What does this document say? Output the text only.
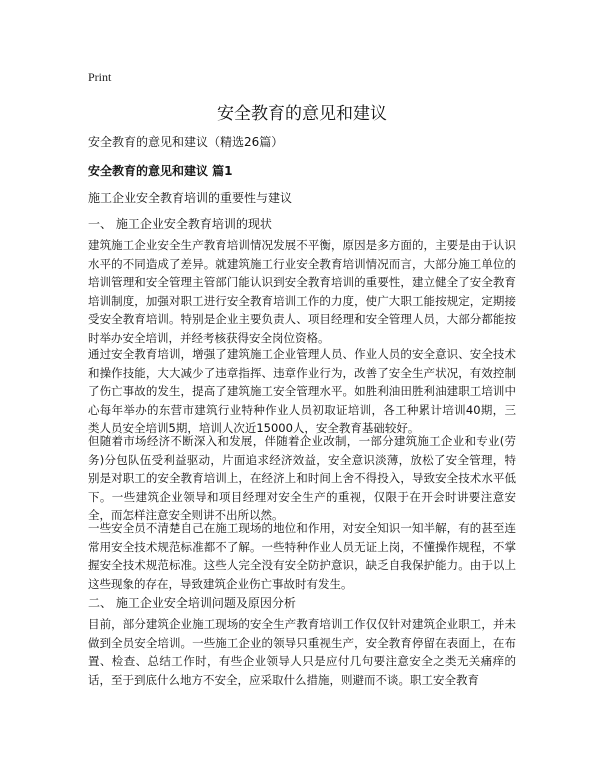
Print
安全教育的意见和建议
安全教育的意见和建议（精选26篇）
安全教育的意见和建议 篇1
施工企业安全教育培训的重要性与建议
一、 施工企业安全教育培训的现状

建筑施工企业安全生产教育培训情况发展不平衡，原因是多方面的，主要是由于认识水平的不同造成了差异。就建筑施工行业安全教育培训情况而言，大部分施工单位的培训管理和安全管理主管部门能认识到安全教育培训的重要性，建立健全了安全教育培训制度，加强对职工进行安全教育培训工作的力度，使广大职工能按规定，定期接受安全教育培训。特别是企业主要负责人、项目经理和安全管理人员，大部分都能按时举办安全培训，并经考核获得安全岗位资格。

通过安全教育培训，增强了建筑施工企业管理人员、作业人员的安全意识、安全技术和操作技能，大大减少了违章指挥、违章作业行为，改善了安全生产状况，有效控制了伤亡事故的发生，提高了建筑施工安全管理水平。如胜利油田胜利油建职工培训中心每年举办的东营市建筑行业特种作业人员初取证培训，各工种累计培训40期，三类人员安全培训5期，培训人次近15000人，安全教育基础较好。

但随着市场经济不断深入和发展，伴随着企业改制，一部分建筑施工企业和专业(劳务)分包队伍受利益驱动，片面追求经济效益，安全意识淡薄，放松了安全管理，特别是对职工的安全教育培训上，在经济上和时间上舍不得投入，导致安全技术水平低下。一些建筑企业领导和项目经理对安全生产的重视，仅限于在开会时讲要注意安全，而怎样注意安全则讲不出所以然。

一些安全员不清楚自己在施工现场的地位和作用，对安全知识一知半解，有的甚至连常用安全技术规范标准都不了解。一些特种作业人员无证上岗，不懂操作规程，不掌握安全技术规范标准。这些人完全没有安全防护意识，缺乏自我保护能力。由于以上这些现象的存在，导致建筑企业伤亡事故时有发生。

二、 施工企业安全培训问题及原因分析

目前，部分建筑企业施工现场的安全生产教育培训工作仅仅针对建筑企业职工，并未做到全员安全培训。一些施工企业的领导只重视生产，安全教育停留在表面上，在布置、检查、总结工作时，有些企业领导人只是应付几句要注意安全之类无关痛痒的话，至于到底什么地方不安全，应采取什么措施，则避而不谈。职工安全教育
